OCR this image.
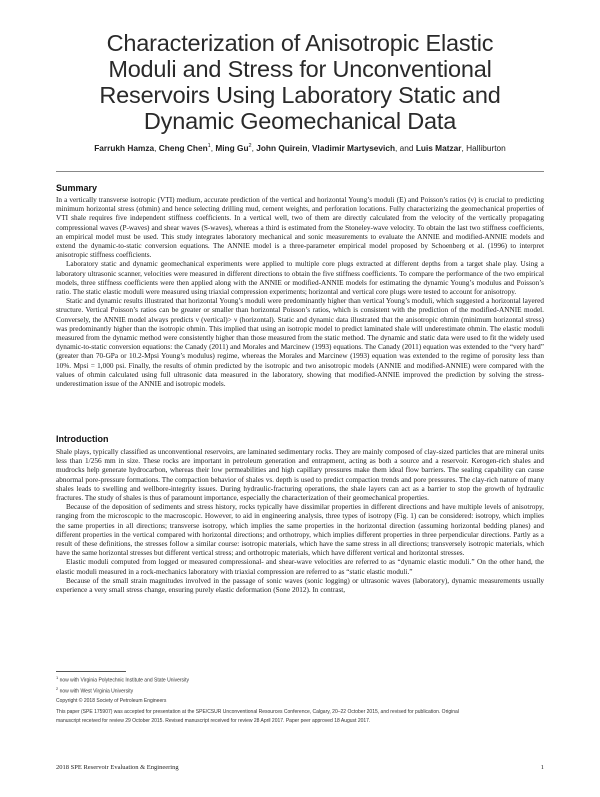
Characterization of Anisotropic Elastic
Moduli and Stress for Unconventional
Reservoirs Using Laboratory Static and
Dynamic Geomechanical Data
Farrukh Hamza, Cheng Chen$^1$, Ming Gu$^2$, John Quirein, Vladimir Martysevich, and Luis Matzar, Halliburton
Summary

In a vertically transverse isotropic (VTI) medium, accurate prediction of the vertical and horizontal Young’s moduli (E) and Poisson’s ratios (ν) is crucial to predicting minimum horizontal stress (σhmin) and hence selecting drilling mud, cement weights, and perforation locations. Fully characterizing the geomechanical properties of VTI shale requires five independent stiffness coefficients. In a vertical well, two of them are directly calculated from the velocity of the vertically propagating compressional waves (P-waves) and shear waves (S-waves), whereas a third is estimated from the Stoneley-wave velocity. To obtain the last two stiffness coefficients, an empirical model must be used. This study integrates laboratory mechanical and sonic measurements to evaluate the ANNIE and modified-ANNIE models and extend the dynamic-to-static conversion equations. The ANNIE model is a three-parameter empirical model proposed by Schoenberg et al. (1996) to interpret anisotropic stiffness coefficients.

Laboratory static and dynamic geomechanical experiments were applied to multiple core plugs extracted at different depths from a target shale play. Using a laboratory ultrasonic scanner, velocities were measured in different directions to obtain the five stiffness coefficients. To compare the performance of the two empirical models, three stiffness coefficients were then applied along with the ANNIE or modified-ANNIE models for estimating the dynamic Young’s modulus and Poisson’s ratio. The static elastic moduli were measured using triaxial compression experiments; horizontal and vertical core plugs were tested to account for anisotropy.

Static and dynamic results illustrated that horizontal Young’s moduli were predominantly higher than vertical Young’s moduli, which suggested a horizontal layered structure. Vertical Poisson’s ratios can be greater or smaller than horizontal Poisson’s ratios, which is consistent with the prediction of the modified-ANNIE model. Conversely, the ANNIE model always predicts ν (vertical)> ν (horizontal). Static and dynamic data illustrated that the anisotropic σhmin (minimum horizontal stress) was predominantly higher than the isotropic σhmin. This implied that using an isotropic model to predict laminated shale will underestimate σhmin. The elastic moduli measured from the dynamic method were consistently higher than those measured from the static method. The dynamic and static data were used to fit the widely used dynamic-to-static conversion equations: the Canady (2011) and Morales and Marcinew (1993) equations. The Canady (2011) equation was extended to the “very hard” (greater than 70-GPa or 10.2-Mpsi Young’s modulus) regime, whereas the Morales and Marcinew (1993) equation was extended to the regime of porosity less than 10%. Mpsi = 1,000 psi. Finally, the results of σhmin predicted by the isotropic and two anisotropic models (ANNIE and modified-ANNIE) were compared with the values of σhmin calculated using full ultrasonic data measured in the laboratory, showing that modified-ANNIE improved the prediction by solving the stress-underestimation issue of the ANNIE and isotropic models.

Introduction

Shale plays, typically classified as unconventional reservoirs, are laminated sedimentary rocks. They are mainly composed of clay-sized particles that are mineral units less than 1/256 mm in size. These rocks are important in petroleum generation and entrapment, acting as both a source and a reservoir. Kerogen-rich shales and mudrocks help generate hydrocarbon, whereas their low permeabilities and high capillary pressures make them ideal flow barriers. The sealing capability can cause abnormal pore-pressure formations. The compaction behavior of shales vs. depth is used to predict compaction trends and pore pressures. The clay-rich nature of many shales leads to swelling and wellbore-integrity issues. During hydraulic-fracturing operations, the shale layers can act as a barrier to stop the growth of hydraulic fractures. The study of shales is thus of paramount importance, especially the characterization of their geomechanical properties.

Because of the deposition of sediments and stress history, rocks typically have dissimilar properties in different directions and have multiple levels of anisotropy, ranging from the microscopic to the macroscopic. However, to aid in engineering analysis, three types of isotropy (Fig. 1) can be considered: isotropy, which implies the same properties in all directions; transverse isotropy, which implies the same properties in the horizontal direction (assuming horizontal bedding planes) and different properties in the vertical compared with horizontal directions; and orthotropy, which implies different properties in three perpendicular directions. Partly as a result of these definitions, the stresses follow a similar course: isotropic materials, which have the same stress in all directions; transversely isotropic materials, which have the same horizontal stresses but different vertical stress; and orthotropic materials, which have different vertical and horizontal stresses.

Elastic moduli computed from logged or measured compressional- and shear-wave velocities are referred to as “dynamic elastic moduli.” On the other hand, the elastic moduli measured in a rock-mechanics laboratory with triaxial compression are referred to as “static elastic moduli.”

Because of the small strain magnitudes involved in the passage of sonic waves (sonic logging) or ultrasonic waves (laboratory), dynamic measurements usually experience a very small stress change, ensuring purely elastic deformation (Sone 2012). In contrast,

$^1$ now with Virginia Polytechnic Institute and State University
$^2$ now with West Virginia University
Copyright © 2018 Society of Petroleum Engineers
This paper (SPE 175907) was accepted for presentation at the SPE/CSUR Unconventional Resources Conference, Calgary, 20–22 October 2015, and revised for publication. Original
manuscript received for review 29 October 2015. Revised manuscript received for review 28 April 2017. Paper peer approved 18 August 2017.
2018 SPE Reservoir Evaluation & Engineering	1
